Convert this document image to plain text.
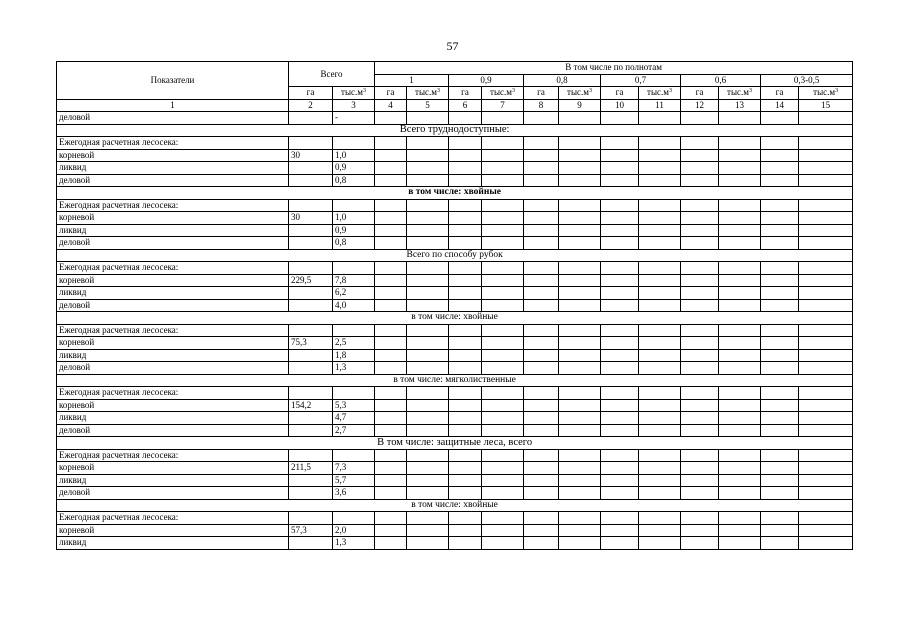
57
Показатели	Всего		В том числе по полнотам											
			1		0,9		0,8		0,7		0,6		0,3-0,5	
	га	$тыс.м^3$	га	$тыс.м^3$	га	$тыс.м^3$	га	$тыс.м^3$	га	$тыс.м^3$	га	$тыс.м^3$	га	$тыс.м^3$
1	2	3	4	5	6	7	8	9	10	11	12	13	14	15
деловой		-												
Всего труднодоступные:														
Ежегодная расчетная лесосека:														
корневой	30	1,0												
ликвид		0,9												
деловой		0,8												
в том числе: хвойные														
Ежегодная расчетная лесосека:														
корневой	30	1,0												
ликвид		0,9												
деловой		0,8												
Всего по способу рубок														
Ежегодная расчетная лесосека:														
корневой	229,5	7,8												
ликвид		6,2												
деловой		4,0												
в том числе: хвойные														
Ежегодная расчетная лесосека:														
корневой	75,3	2,5												
ликвид		1,8												
деловой		1,3												
в том числе: мягколиственные														
Ежегодная расчетная лесосека:														
корневой	154,2	5,3												
ликвид		4,7												
деловой		2,7												
В том числе: защитные леса, всего														
Ежегодная расчетная лесосека:														
корневой	211,5	7,3												
ликвид		5,7												
деловой		3,6												
в том числе: хвойные														
Ежегодная расчетная лесосека:														
корневой	57,3	2,0												
ликвид		1,3												
